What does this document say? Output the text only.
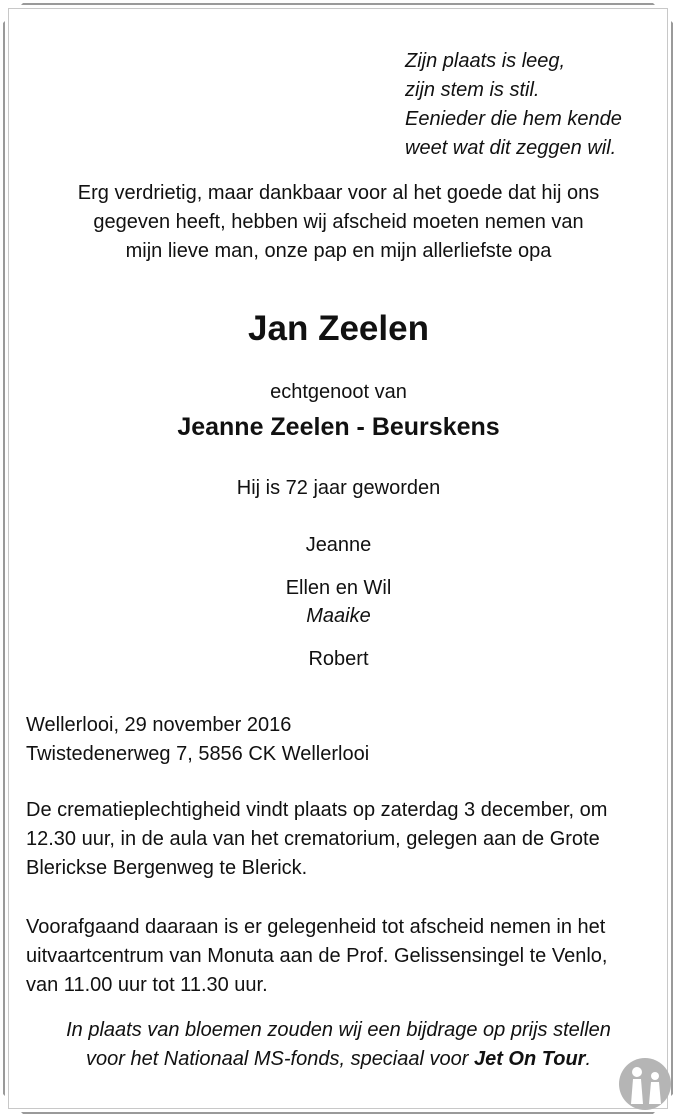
Zijn plaats is leeg,
zijn stem is stil.
Eenieder die hem kende
weet wat dit zeggen wil.
Erg verdrietig, maar dankbaar voor al het goede dat hij ons
gegeven heeft, hebben wij afscheid moeten nemen van
mijn lieve man, onze pap en mijn allerliefste opa
Jan Zeelen
echtgenoot van
Jeanne Zeelen - Beurskens
Hij is 72 jaar geworden
Jeanne
Ellen en Wil
Maaike
Robert
Wellerlooi, 29 november 2016
Twistedenerweg 7, 5856 CK Wellerlooi
De crematieplechtigheid vindt plaats op zaterdag 3 december, om
12.30 uur, in de aula van het crematorium, gelegen aan de Grote
Blerickse Bergenweg te Blerick.
Voorafgaand daaraan is er gelegenheid tot afscheid nemen in het
uitvaartcentrum van Monuta aan de Prof. Gelissensingel te Venlo,
van 11.00 uur tot 11.30 uur.
In plaats van bloemen zouden wij een bijdrage op prijs stellen
voor het Nationaal MS-fonds, speciaal voor Jet On Tour.
